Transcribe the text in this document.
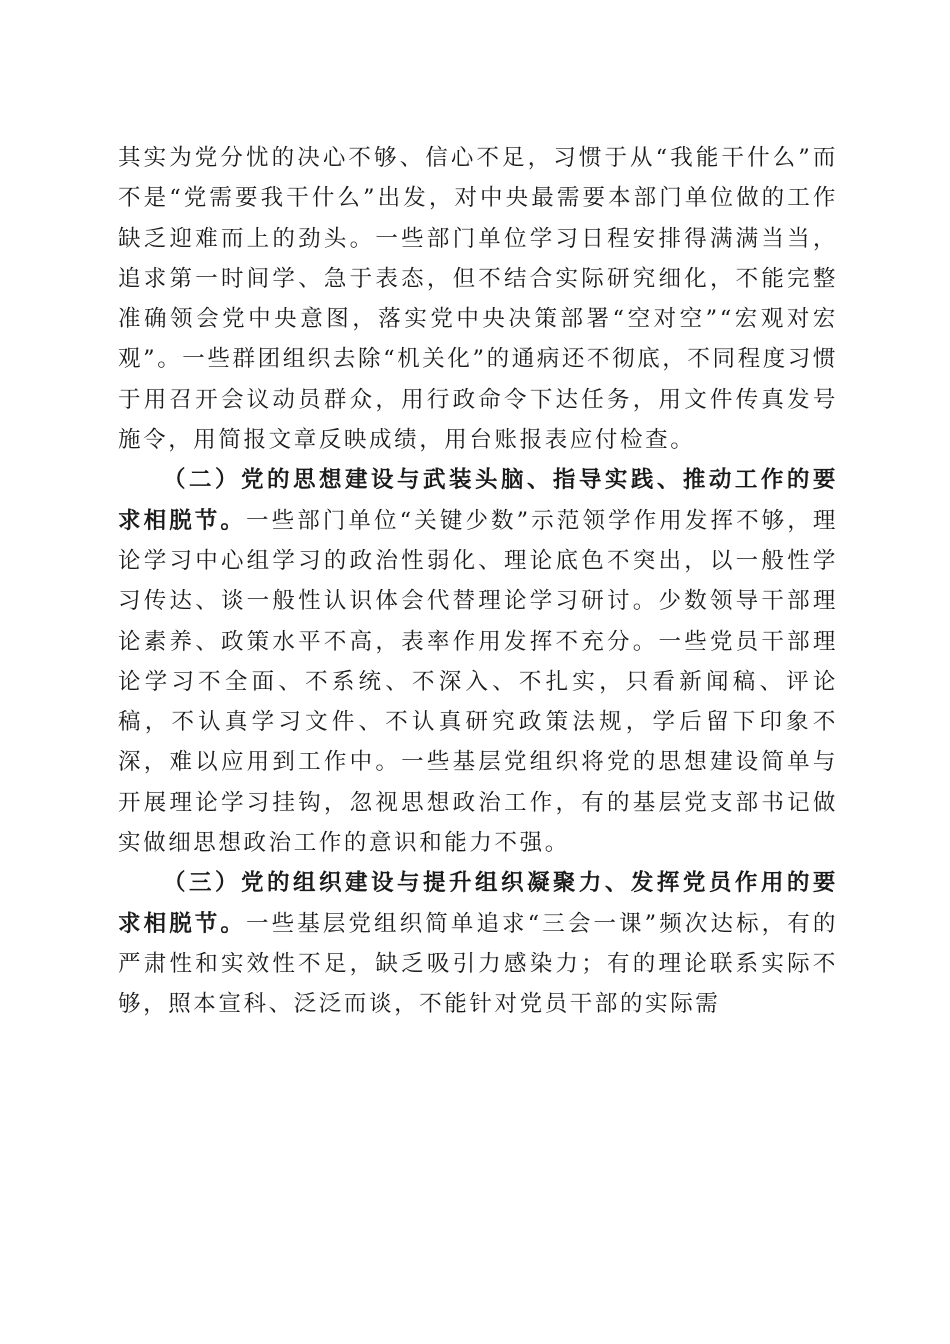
其实为党分忧的决心不够、信心不足，习惯于从“我能干什么”而不是“党需要我干什么”出发，对中央最需要本部门单位做的工作缺乏迎难而上的劲头。一些部门单位学习日程安排得满满当当，追求第一时间学、急于表态，但不结合实际研究细化，不能完整准确领会党中央意图，落实党中央决策部署“空对空”“宏观对宏观”。一些群团组织去除“机关化”的通病还不彻底，不同程度习惯于用召开会议动员群众，用行政命令下达任务，用文件传真发号施令，用简报文章反映成绩，用台账报表应付检查。

（二）党的思想建设与武装头脑、指导实践、推动工作的要求相脱节。一些部门单位“关键少数”示范领学作用发挥不够，理论学习中心组学习的政治性弱化、理论底色不突出，以一般性学习传达、谈一般性认识体会代替理论学习研讨。少数领导干部理论素养、政策水平不高，表率作用发挥不充分。一些党员干部理论学习不全面、不系统、不深入、不扎实，只看新闻稿、评论稿，不认真学习文件、不认真研究政策法规，学后留下印象不深，难以应用到工作中。一些基层党组织将党的思想建设简单与开展理论学习挂钩，忽视思想政治工作，有的基层党支部书记做实做细思想政治工作的意识和能力不强。

（三）党的组织建设与提升组织凝聚力、发挥党员作用的要求相脱节。一些基层党组织简单追求“三会一课”频次达标，有的严肃性和实效性不足，缺乏吸引力感染力；有的理论联系实际不够，照本宣科、泛泛而谈，不能针对党员干部的实际需
